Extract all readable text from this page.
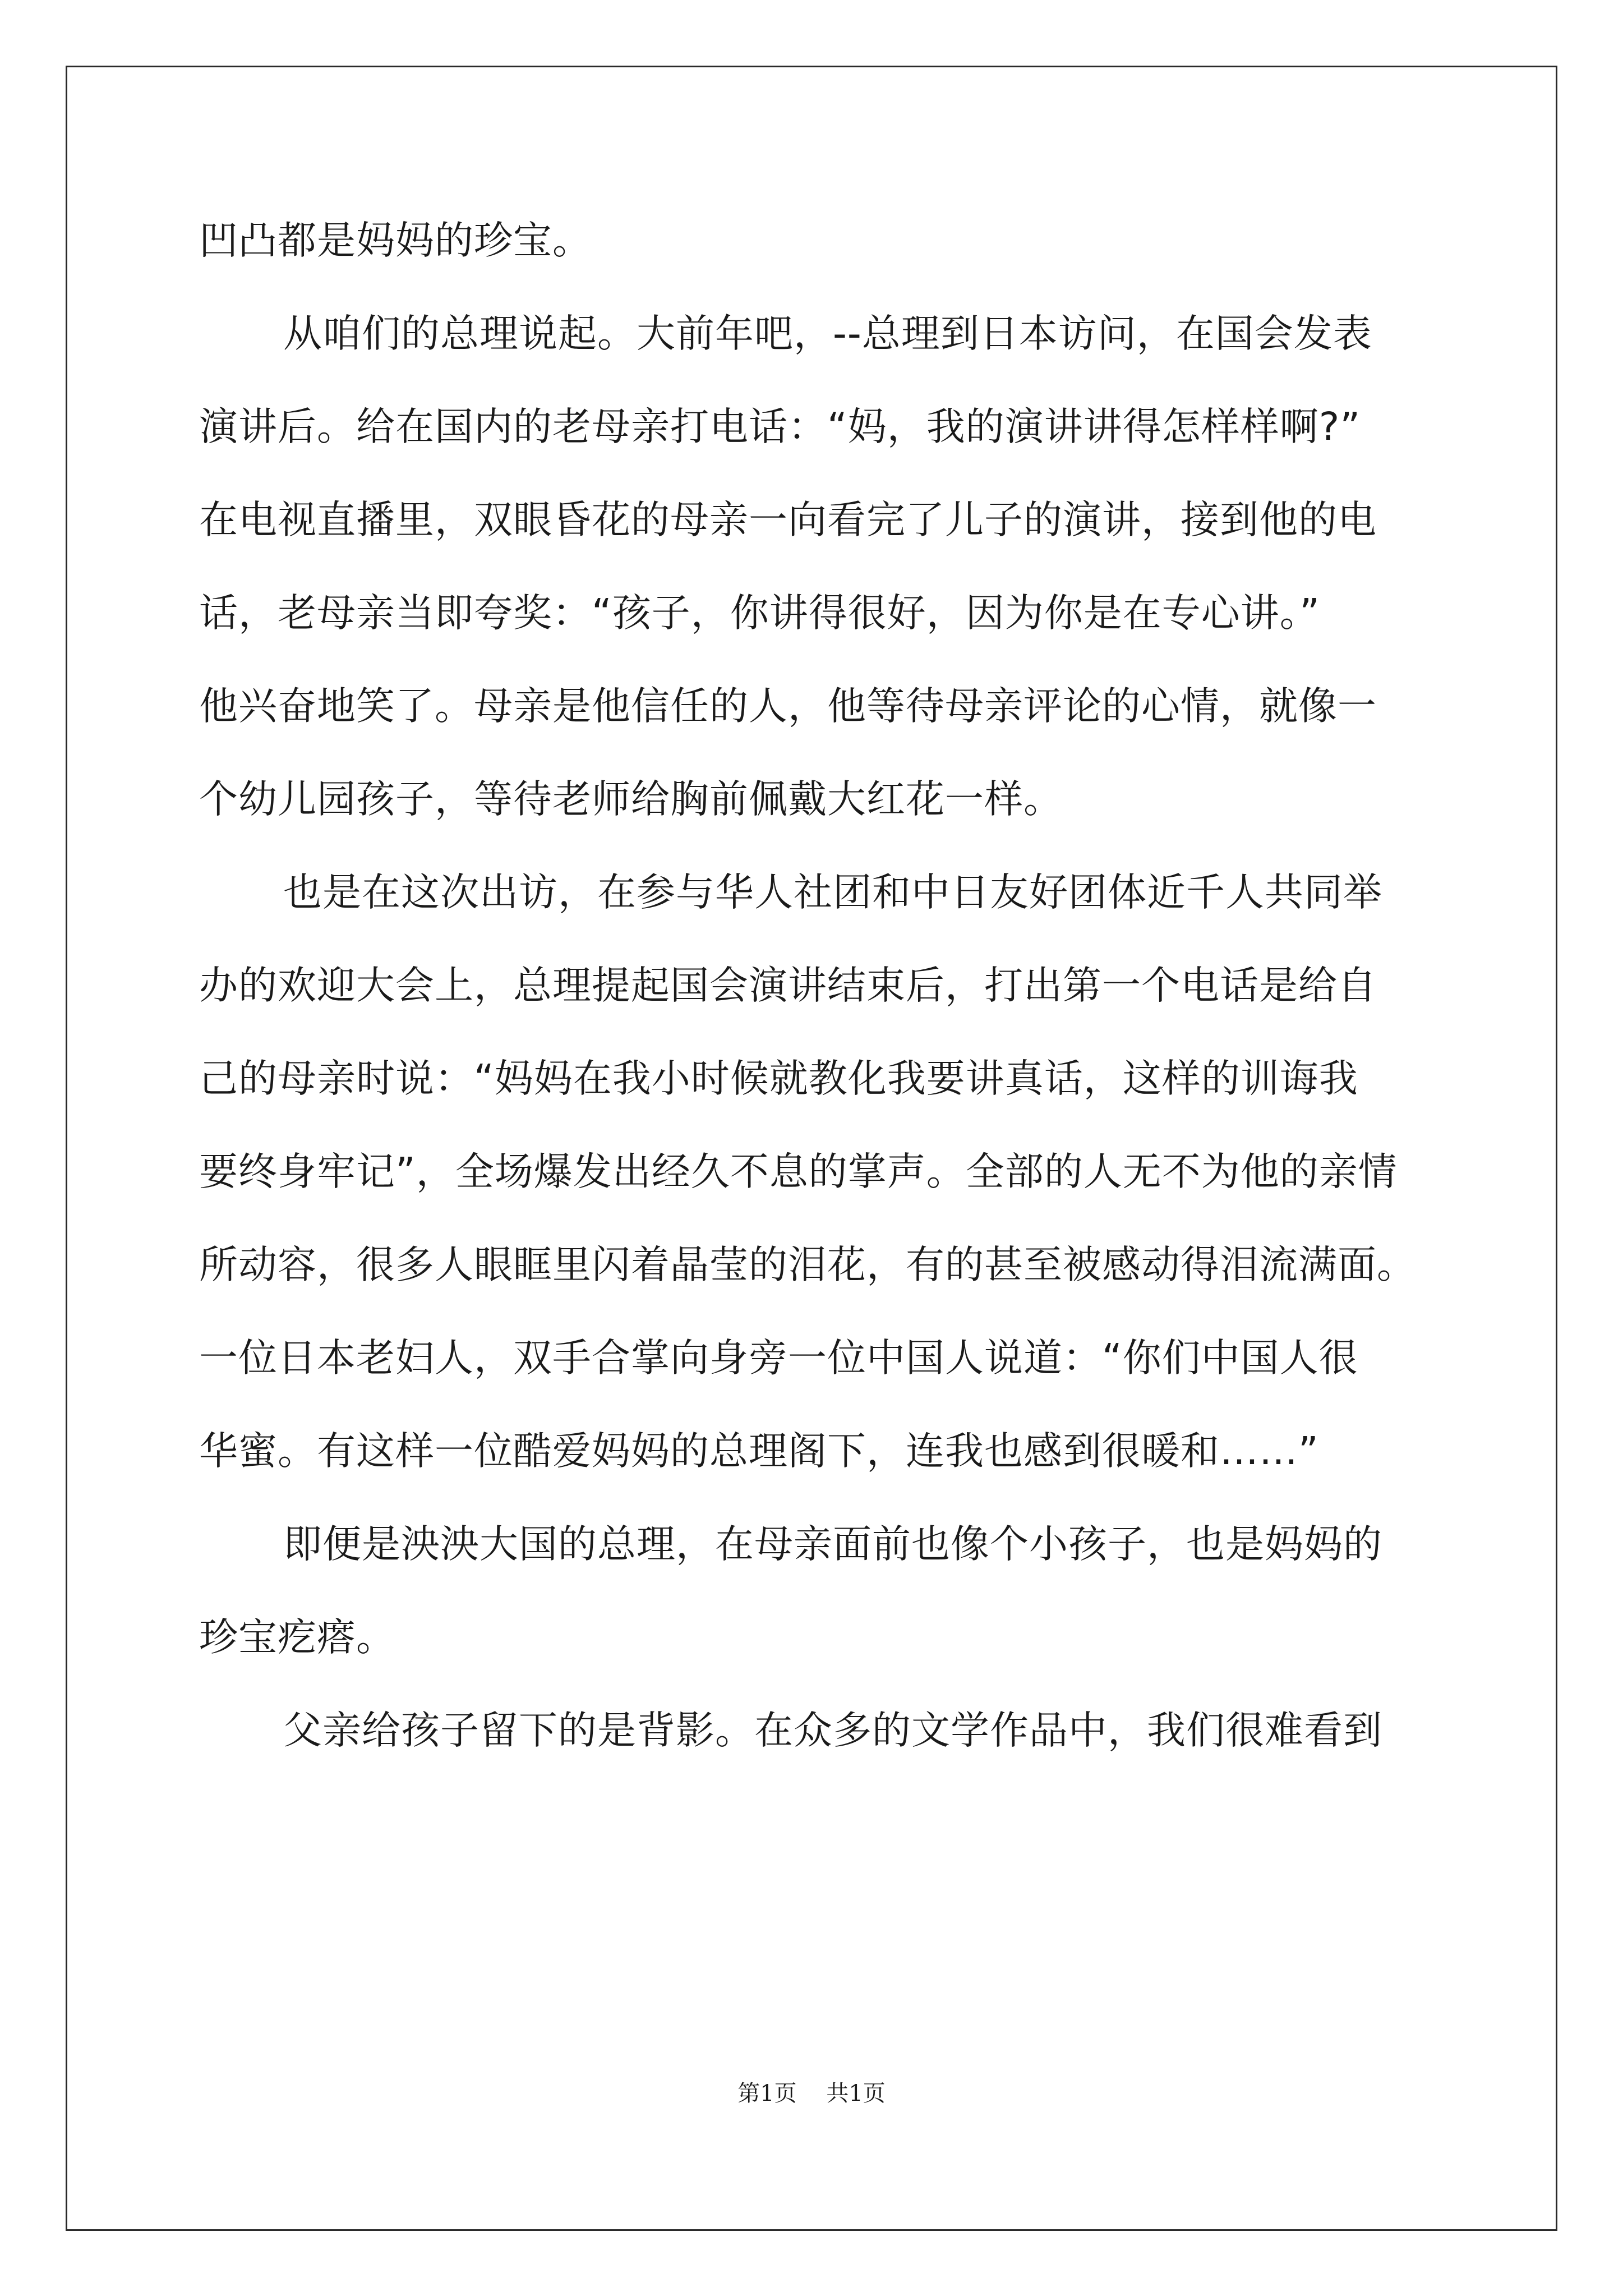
凹凸都是妈妈的珍宝。
从咱们的总理说起。大前年吧，--总理到日本访问，在国会发表
演讲后。给在国内的老母亲打电话：“妈，我的演讲讲得怎样样啊?”
在电视直播里，双眼昏花的母亲一向看完了儿子的演讲，接到他的电
话，老母亲当即夸奖：“孩子，你讲得很好，因为你是在专心讲。”
他兴奋地笑了。母亲是他信任的人，他等待母亲评论的心情，就像一
个幼儿园孩子，等待老师给胸前佩戴大红花一样。
也是在这次出访，在参与华人社团和中日友好团体近千人共同举
办的欢迎大会上，总理提起国会演讲结束后，打出第一个电话是给自
己的母亲时说：“妈妈在我小时候就教化我要讲真话，这样的训诲我
要终身牢记”，全场爆发出经久不息的掌声。全部的人无不为他的亲情
所动容，很多人眼眶里闪着晶莹的泪花，有的甚至被感动得泪流满面。
一位日本老妇人，双手合掌向身旁一位中国人说道：“你们中国人很
华蜜。有这样一位酷爱妈妈的总理阁下，连我也感到很暖和……”
即便是泱泱大国的总理，在母亲面前也像个小孩子，也是妈妈的
珍宝疙瘩。
父亲给孩子留下的是背影。在众多的文学作品中，我们很难看到
第1页 共1页
